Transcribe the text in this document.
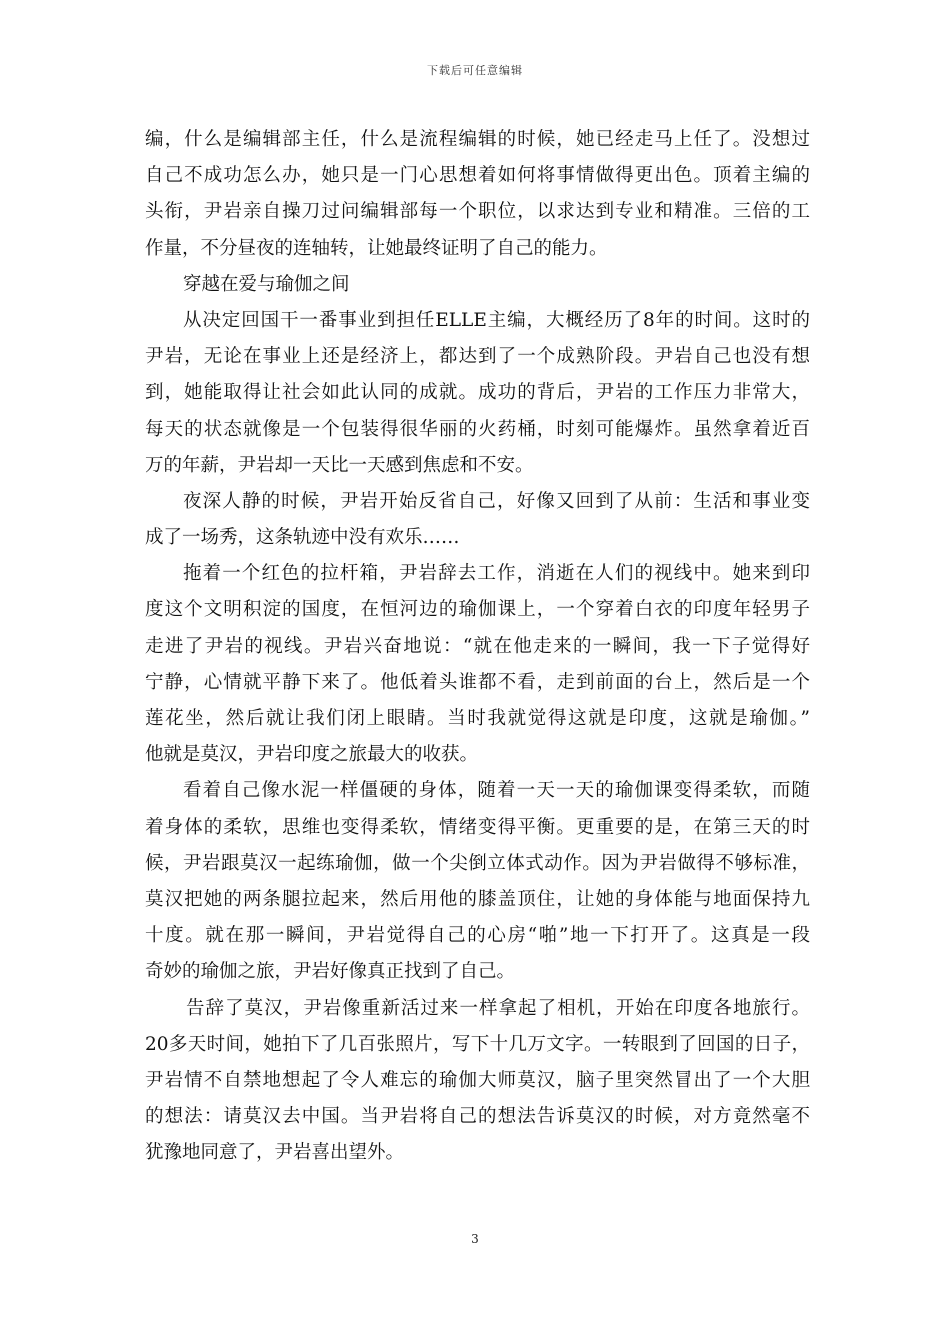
下载后可任意编辑
编，什么是编辑部主任，什么是流程编辑的时候，她已经走马上任了。没想过
自己不成功怎么办，她只是一门心思想着如何将事情做得更出色。顶着主编的
头衔，尹岩亲自操刀过问编辑部每一个职位，以求达到专业和精准。三倍的工
作量，不分昼夜的连轴转，让她最终证明了自己的能力。
穿越在爱与瑜伽之间
从决定回国干一番事业到担任ELLE主编，大概经历了8年的时间。这时的
尹岩，无论在事业上还是经济上，都达到了一个成熟阶段。尹岩自己也没有想
到，她能取得让社会如此认同的成就。成功的背后，尹岩的工作压力非常大，
每天的状态就像是一个包装得很华丽的火药桶，时刻可能爆炸。虽然拿着近百
万的年薪，尹岩却一天比一天感到焦虑和不安。
夜深人静的时候，尹岩开始反省自己，好像又回到了从前：生活和事业变
成了一场秀，这条轨迹中没有欢乐……
拖着一个红色的拉杆箱，尹岩辞去工作，消逝在人们的视线中。她来到印
度这个文明积淀的国度，在恒河边的瑜伽课上，一个穿着白衣的印度年轻男子
走进了尹岩的视线。尹岩兴奋地说：“就在他走来的一瞬间，我一下子觉得好
宁静，心情就平静下来了。他低着头谁都不看，走到前面的台上，然后是一个
莲花坐，然后就让我们闭上眼睛。当时我就觉得这就是印度，这就是瑜伽。”
他就是莫汉，尹岩印度之旅最大的收获。
看着自己像水泥一样僵硬的身体，随着一天一天的瑜伽课变得柔软，而随
着身体的柔软，思维也变得柔软，情绪变得平衡。更重要的是，在第三天的时
候，尹岩跟莫汉一起练瑜伽，做一个尖倒立体式动作。因为尹岩做得不够标准，
莫汉把她的两条腿拉起来，然后用他的膝盖顶住，让她的身体能与地面保持九
十度。就在那一瞬间，尹岩觉得自己的心房“啪”地一下打开了。这真是一段
奇妙的瑜伽之旅，尹岩好像真正找到了自己。
告辞了莫汉，尹岩像重新活过来一样拿起了相机，开始在印度各地旅行。
20多天时间，她拍下了几百张照片，写下十几万文字。一转眼到了回国的日子，
尹岩情不自禁地想起了令人难忘的瑜伽大师莫汉，脑子里突然冒出了一个大胆
的想法：请莫汉去中国。当尹岩将自己的想法告诉莫汉的时候，对方竟然毫不
犹豫地同意了，尹岩喜出望外。
3
